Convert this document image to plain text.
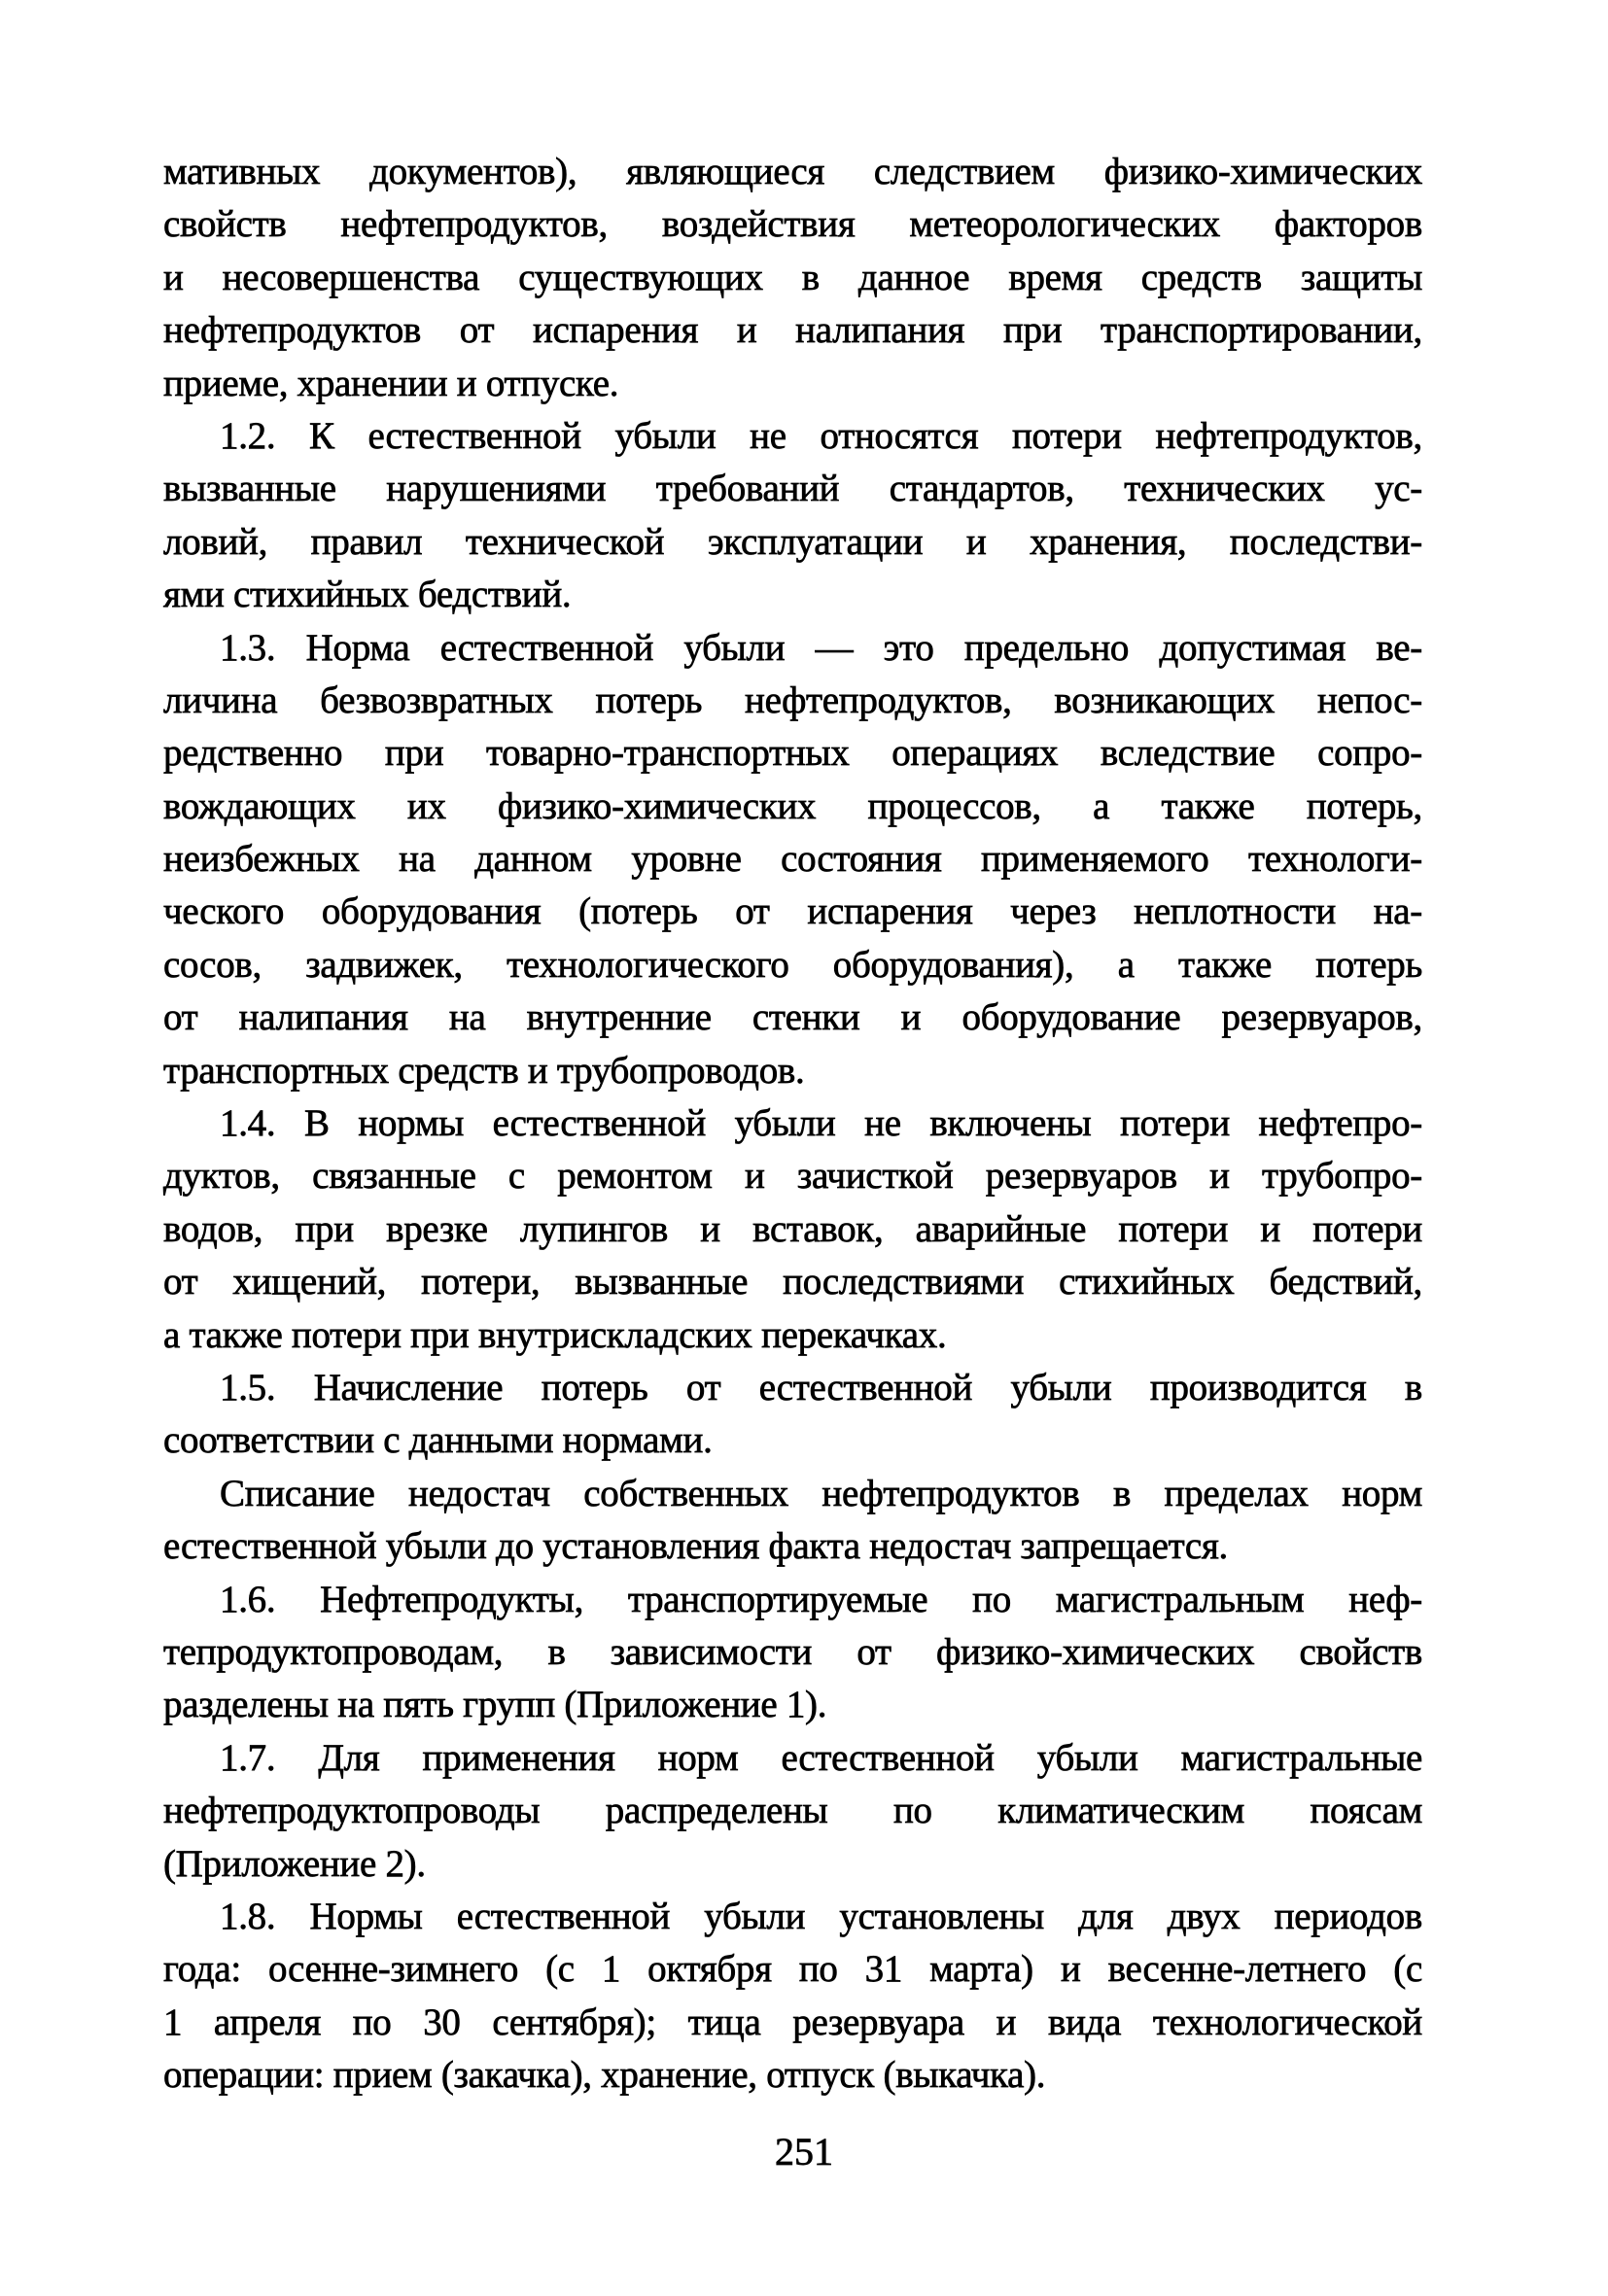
мативных документов), являющиеся следствием физико-химических
свойств нефтепродуктов, воздействия метеорологических факторов
и несовершенства существующих в данное время средств защиты
нефтепродуктов от испарения и налипания при транспортировании,
приеме, хранении и отпуске.
1.2. К естественной убыли не относятся потери нефтепродуктов,
вызванные нарушениями требований стандартов, технических ус-
ловий, правил технической эксплуатации и хранения, последстви-
ями стихийных бедствий.
1.3. Норма естественной убыли — это предельно допустимая ве-
личина безвозвратных потерь нефтепродуктов, возникающих непос-
редственно при товарно-транспортных операциях вследствие сопро-
вождающих их физико-химических процессов, а также потерь,
неизбежных на данном уровне состояния применяемого технологи-
ческого оборудования (потерь от испарения через неплотности на-
сосов, задвижек, технологического оборудования), а также потерь
от налипания на внутренние стенки и оборудование резервуаров,
транспортных средств и трубопроводов.
1.4. В нормы естественной убыли не включены потери нефтепро-
дуктов, связанные с ремонтом и зачисткой резервуаров и трубопро-
водов, при врезке лупингов и вставок, аварийные потери и потери
от хищений, потери, вызванные последствиями стихийных бедствий,
а также потери при внутрискладских перекачках.
1.5. Начисление потерь от естественной убыли производится в
соответствии с данными нормами.
Списание недостач собственных нефтепродуктов в пределах норм
естественной убыли до установления факта недостач запрещается.
1.6. Нефтепродукты, транспортируемые по магистральным неф-
тепродуктопроводам, в зависимости от физико-химических свойств
разделены на пять групп (Приложение 1).
1.7. Для применения норм естественной убыли магистральные
нефтепродуктопроводы распределены по климатическим поясам
(Приложение 2).
1.8. Нормы естественной убыли установлены для двух периодов
года: осенне-зимнего (с 1 октября по 31 марта) и весенне-летнего (с
1 апреля по 30 сентября); тица резервуара и вида технологической
операции: прием (закачка), хранение, отпуск (выкачка).
251
